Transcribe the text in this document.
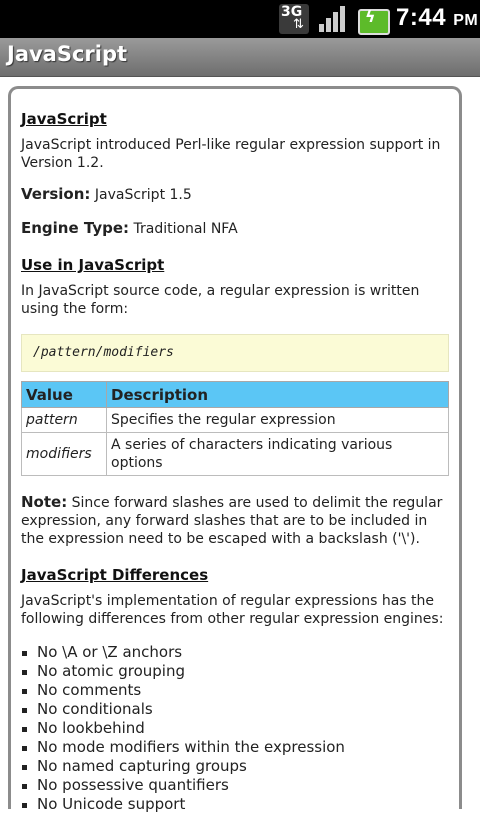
3G
⇅	ϟ 7:44 PM
JavaScript
JavaScript

JavaScript introduced Perl-like regular expression support in Version 1.2.

Version: JavaScript 1.5

Engine Type: Traditional NFA

Use in JavaScript

In JavaScript source code, a regular expression is written using the form:

/pattern/modifiers
Value	Description
pattern	Specifies the regular expression
modifiers	A series of characters indicating various options

Note: Since forward slashes are used to delimit the regular expression, any forward slashes that are to be included in the expression need to be escaped with a backslash ('\').

JavaScript Differences

JavaScript's implementation of regular expressions has the following differences from other regular expression engines:

No \A or \Z anchors
No atomic grouping
No comments
No conditionals
No lookbehind
No mode modifiers within the expression
No named capturing groups
No possessive quantifiers
No Unicode support
